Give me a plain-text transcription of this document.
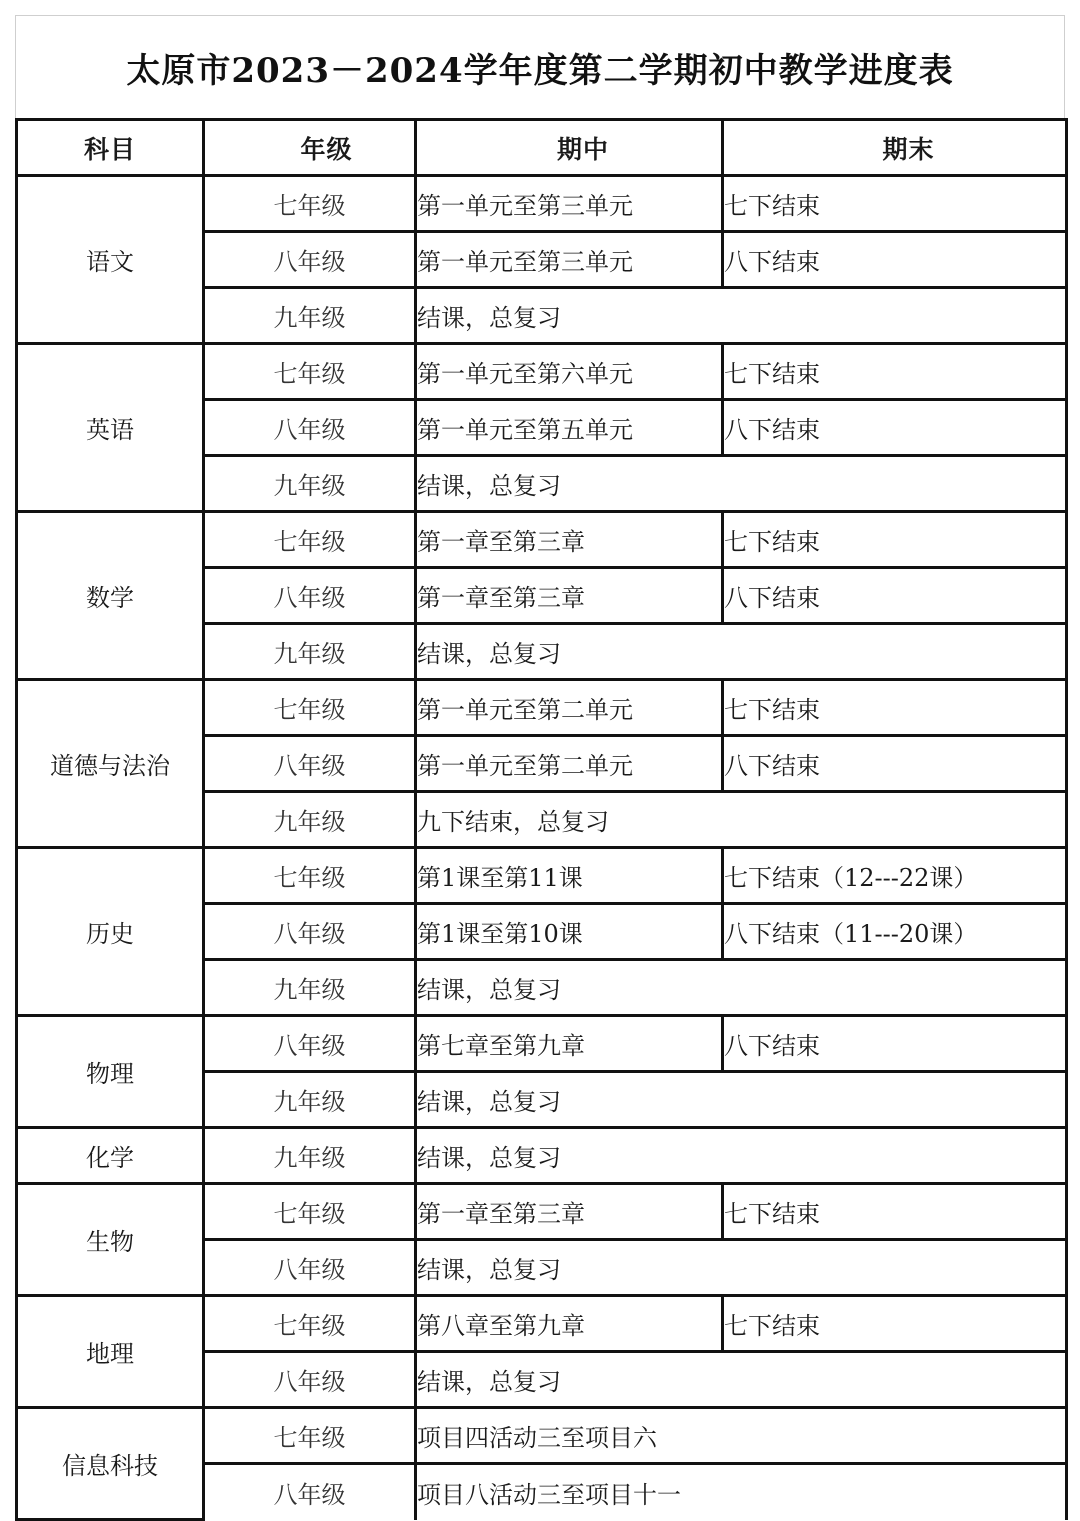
太原市2023－2024学年度第二学期初中教学进度表
科目	年级	期中	期末
语文	七年级	第一单元至第三单元	七下结束
	八年级	第一单元至第三单元	八下结束
	九年级	结课，总复习	
英语	七年级	第一单元至第六单元	七下结束
	八年级	第一单元至第五单元	八下结束
	九年级	结课，总复习	
数学	七年级	第一章至第三章	七下结束
	八年级	第一章至第三章	八下结束
	九年级	结课，总复习	
道德与法治	七年级	第一单元至第二单元	七下结束
	八年级	第一单元至第二单元	八下结束
	九年级	九下结束，总复习	
历史	七年级	第1课至第11课	七下结束（12---22课）
	八年级	第1课至第10课	八下结束（11---20课）
	九年级	结课，总复习	
物理	八年级	第七章至第九章	八下结束
	九年级	结课，总复习	
化学	九年级	结课，总复习	
生物	七年级	第一章至第三章	七下结束
	八年级	结课，总复习	
地理	七年级	第八章至第九章	七下结束
	八年级	结课，总复习	
信息科技	七年级	项目四活动三至项目六	
	八年级	项目八活动三至项目十一	
